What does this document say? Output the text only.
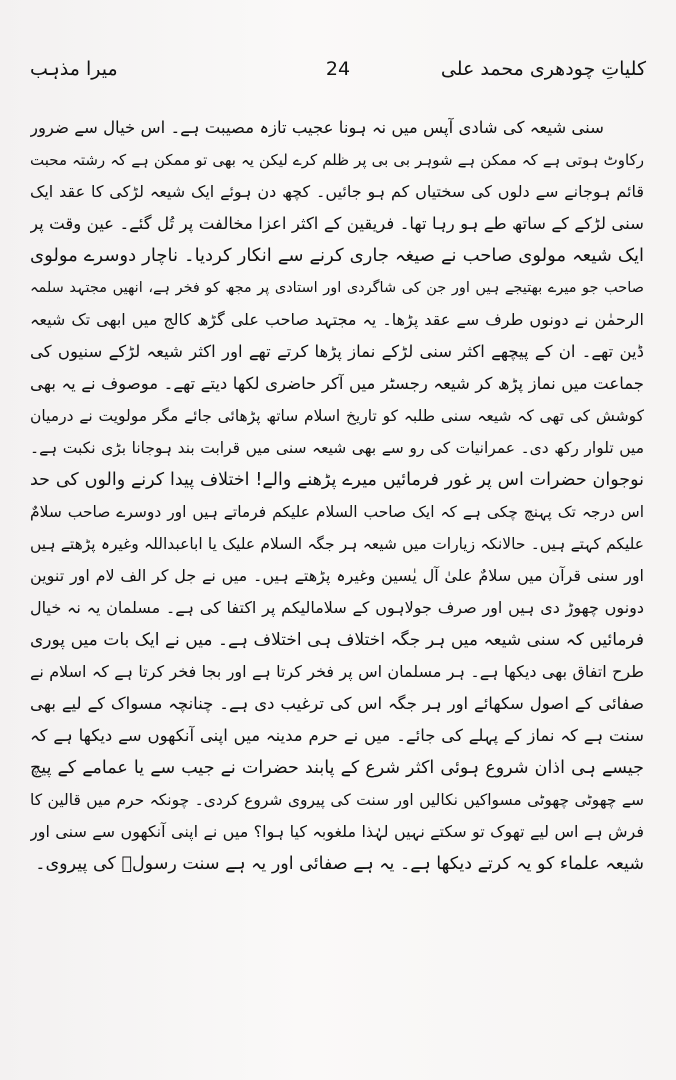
کلیاتِ چودھری محمد علی
24
میرا مذہب
سنی شیعہ کی شادی آپس میں نہ ہونا عجیب تازہ مصیبت ہے۔ اس خیال سے ضرور
رکاوٹ ہوتی ہے کہ ممکن ہے شوہر بی بی پر ظلم کرے لیکن یہ بھی تو ممکن ہے کہ رشتہ محبت
قائم ہوجانے سے دلوں کی سختیاں کم ہو جائیں۔ کچھ دن ہوئے ایک شیعہ لڑکی کا عقد ایک
سنی لڑکے کے ساتھ طے ہو رہا تھا۔ فریقین کے اکثر اعزا مخالفت پر تُل گئے۔ عین وقت پر
ایک شیعہ مولوی صاحب نے صیغہ جاری کرنے سے انکار کردیا۔ ناچار دوسرے مولوی
صاحب جو میرے بھتیجے ہیں اور جن کی شاگردی اور استادی پر مجھ کو فخر ہے، انھیں مجتہد سلمہ
الرحمٰن نے دونوں طرف سے عقد پڑھا۔ یہ مجتہد صاحب علی گڑھ کالج میں ابھی تک شیعہ
ڈین تھے۔ ان کے پیچھے اکثر سنی لڑکے نماز پڑھا کرتے تھے اور اکثر شیعہ لڑکے سنیوں کی
جماعت میں نماز پڑھ کر شیعہ رجسٹر میں آکر حاضری لکھا دیتے تھے۔ موصوف نے یہ بھی
کوشش کی تھی کہ شیعہ سنی طلبہ کو تاریخ اسلام ساتھ پڑھائی جائے مگر مولویت نے درمیان
میں تلوار رکھ دی۔ عمرانیات کی رو سے بھی شیعہ سنی میں قرابت بند ہوجانا بڑی نکبت ہے۔
نوجوان حضرات اس پر غور فرمائیں میرے پڑھنے والے! اختلاف پیدا کرنے والوں کی حد
اس درجہ تک پہنچ چکی ہے کہ ایک صاحب السلام علیکم فرماتے ہیں اور دوسرے صاحب سلامٌ
علیکم کہتے ہیں۔ حالانکہ زیارات میں شیعہ ہر جگہ السلام علیک یا اباعبداللہ وغیرہ پڑھتے ہیں
اور سنی قرآن میں سلامٌ علیٰ آل یٰسین وغیرہ پڑھتے ہیں۔ میں نے جل کر الف لام اور تنوین
دونوں چھوڑ دی ہیں اور صرف جولاہوں کے سلامالیکم پر اکتفا کی ہے۔ مسلمان یہ نہ خیال
فرمائیں کہ سنی شیعہ میں ہر جگہ اختلاف ہی اختلاف ہے۔ میں نے ایک بات میں پوری
طرح اتفاق بھی دیکھا ہے۔ ہر مسلمان اس پر فخر کرتا ہے اور بجا فخر کرتا ہے کہ اسلام نے
صفائی کے اصول سکھائے اور ہر جگہ اس کی ترغیب دی ہے۔ چنانچہ مسواک کے لیے بھی
سنت ہے کہ نماز کے پہلے کی جائے۔ میں نے حرم مدینہ میں اپنی آنکھوں سے دیکھا ہے کہ
جیسے ہی اذان شروع ہوئی اکثر شرع کے پابند حضرات نے جیب سے یا عمامے کے پیچ
سے چھوٹی چھوٹی مسواکیں نکالیں اور سنت کی پیروی شروع کردی۔ چونکہ حرم میں قالین کا
فرش ہے اس لیے تھوک تو سکتے نہیں لہٰذا ملغوبہ کیا ہوا؟ میں نے اپنی آنکھوں سے سنی اور
شیعہ علماء کو یہ کرتے دیکھا ہے۔ یہ ہے صفائی اور یہ ہے سنت رسولؐ کی پیروی۔
